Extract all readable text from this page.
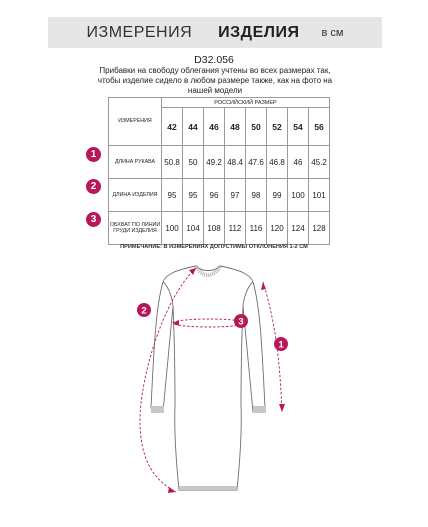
ИЗМЕРЕНИЯ ИЗДЕЛИЯ в см
D32.056
Прибавки на свободу облегания учтены во всех размерах так, чтобы изделие сидело в любом размере также, как на фото на нашей модели
ИЗМЕРЕНИЯ	РОССИЙСКИЙ РАЗМЕР							
	42	44	46	48	50	52	54	56
ДЛИНА РУКАВА	50.8	50	49.2	48.4	47.6	46.8	46	45.2
ДЛИНА ИЗДЕЛИЯ	95	95	96	97	98	99	100	101
ОБХВАТ ПО ЛИНИИ ГРУДИ ИЗДЕЛИЯ	100	104	108	112	116	120	124	128
1
2
3
ПРИМЕЧАНИЕ: В ИЗМЕРЕНИЯХ ДОПУСТИМЫ ОТКЛОНЕНИЯ 1-2 СМ
2
3
1
